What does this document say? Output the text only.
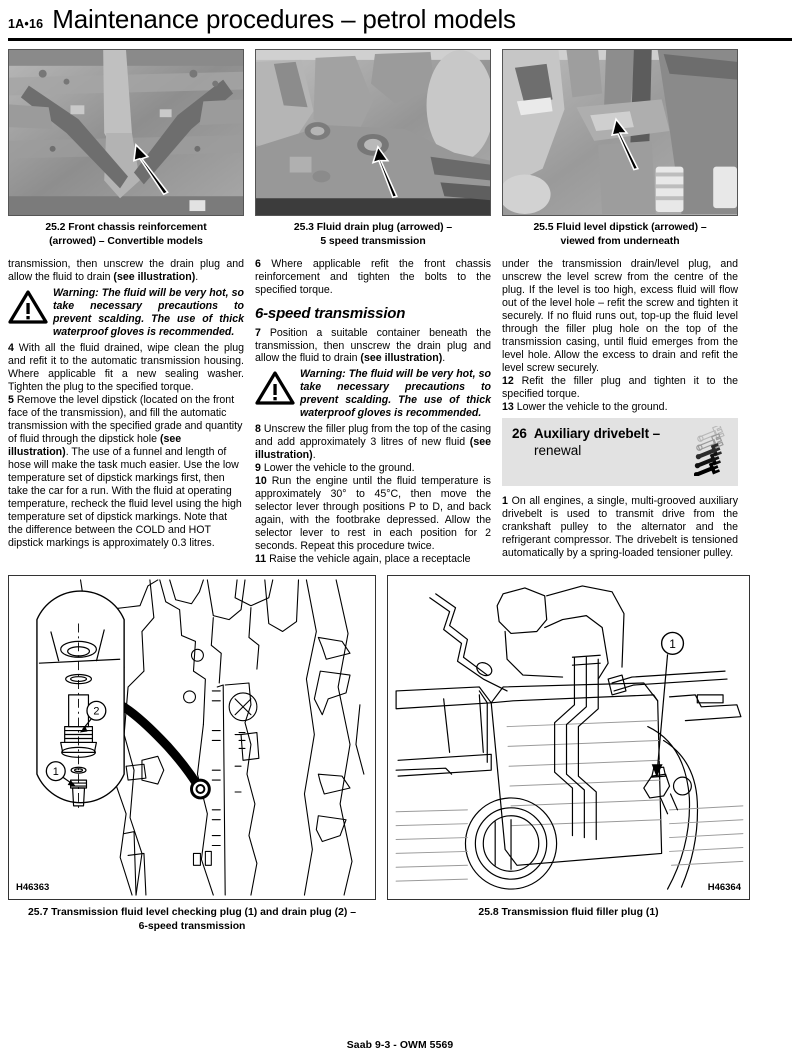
1A•16 Maintenance procedures – petrol models
25.2 Front chassis reinforcement
(arrowed) – Convertible models
25.3 Fluid drain plug (arrowed) –
5 speed transmission
25.5 Fluid level dipstick (arrowed) –
viewed from underneath

transmission, then unscrew the drain plug and allow the fluid to drain (see illustration).

Warning: The fluid will be very hot, so take necessary precautions to prevent scalding. The use of thick waterproof gloves is recommended.

4 With all the fluid drained, wipe clean the plug and refit it to the automatic transmission housing. Where applicable fit a new sealing washer. Tighten the plug to the specified torque.

5 Remove the level dipstick (located on the front face of the transmission), and fill the automatic transmission with the specified grade and quantity of fluid through the dipstick hole (see illustration). The use of a funnel and length of hose will make the task much easier. Use the low temperature set of dipstick markings first, then take the car for a run. With the fluid at operating temperature, recheck the fluid level using the high temperature set of dipstick markings. Note that the difference between the COLD and HOT dipstick markings is approximately 0.3 litres.

6 Where applicable refit the front chassis reinforcement and tighten the bolts to the specified torque.

6-speed transmission

7 Position a suitable container beneath the transmission, then unscrew the drain plug and allow the fluid to drain (see illustration).

Warning: The fluid will be very hot, so take necessary precautions to prevent scalding. The use of thick waterproof gloves is recommended.

8 Unscrew the filler plug from the top of the casing and add approximately 3 litres of new fluid (see illustration).

9 Lower the vehicle to the ground.

10 Run the engine until the fluid temperature is approximately 30° to 45°C, then move the selector lever through positions P to D, and back again, with the footbrake depressed. Allow the selector lever to rest in each position for 2 seconds. Repeat this procedure twice.

11 Raise the vehicle again, place a receptacle

under the transmission drain/level plug, and unscrew the level screw from the centre of the plug. If the level is too high, excess fluid will flow out of the level hole – refit the screw and tighten it securely. If no fluid runs out, top-up the fluid level through the filler plug hole on the top of the transmission casing, until fluid emerges from the level hole. Allow the excess to drain and refit the level screw securely.

12 Refit the filler plug and tighten it to the specified torque.

13 Lower the vehicle to the ground.

26 Auxiliary drivebelt –
renewal

1 On all engines, a single, multi-grooved auxiliary drivebelt is used to transmit drive from the crankshaft pulley to the alternator and the refrigerant compressor. The drivebelt is tensioned automatically by a spring-loaded tensioner pulley.

2
1
H46363
1
H46364
25.7 Transmission fluid level checking plug (1) and drain plug (2) –
6-speed transmission
25.8 Transmission fluid filler plug (1)
Saab 9-3 - OWM 5569
